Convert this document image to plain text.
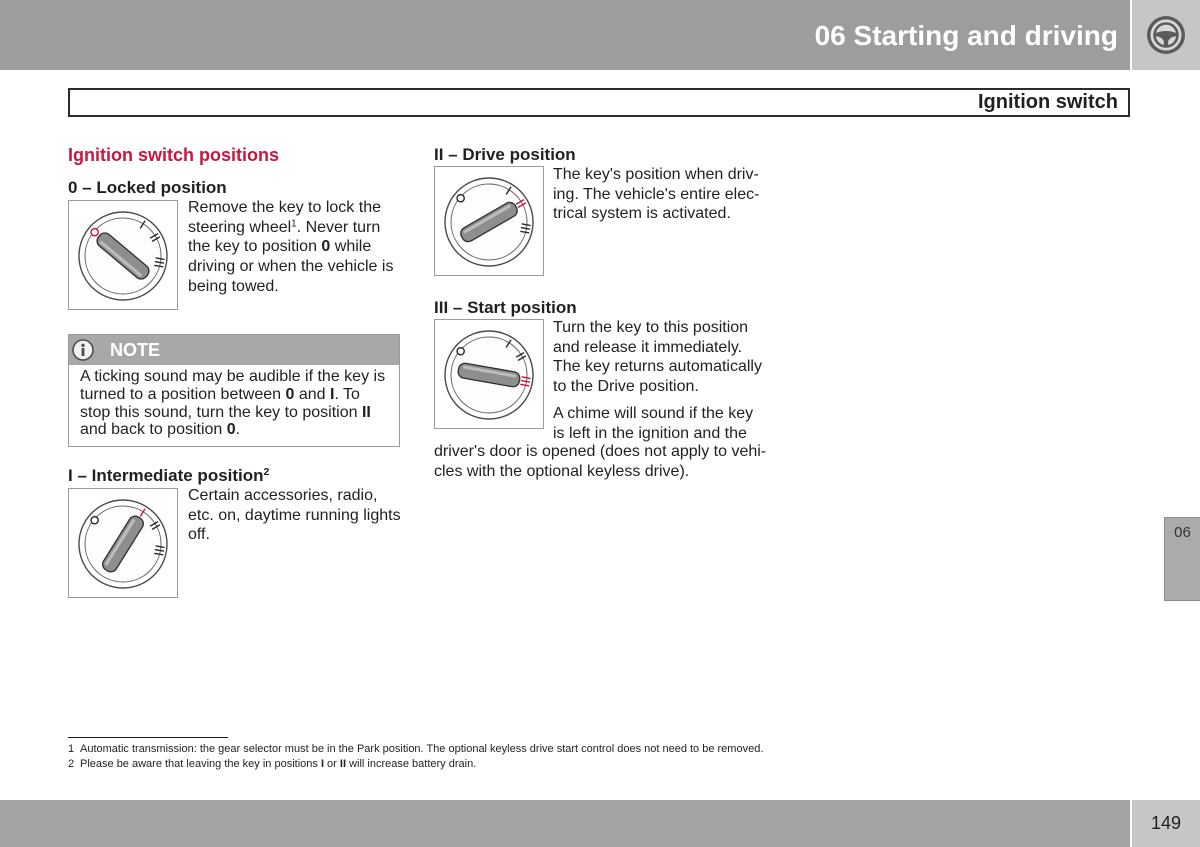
06 Starting and driving
Ignition switch
Ignition switch positions
0 – Locked position
Remove the key to lock the
steering wheel$^1$. Never turn
the key to position 0 while
driving or when the vehicle is
being towed.
NOTE
A ticking sound may be audible if the key is
turned to a position between 0 and I. To
stop this sound, turn the key to position II
and back to position 0.
I – Intermediate position$^2$
Certain accessories, radio,
etc. on, daytime running lights
off.
II – Drive position
The key's position when driv-
ing. The vehicle's entire elec-
trical system is activated.
III – Start position
Turn the key to this position
and release it immediately.
The key returns automatically
to the Drive position.
A chime will sound if the key
is left in the ignition and the
driver's door is opened (does not apply to vehi-
cles with the optional keyless drive).
06
1 Automatic transmission: the gear selector must be in the Park position. The optional keyless drive start control does not need to be removed.
2 Please be aware that leaving the key in positions I or II will increase battery drain.
149
